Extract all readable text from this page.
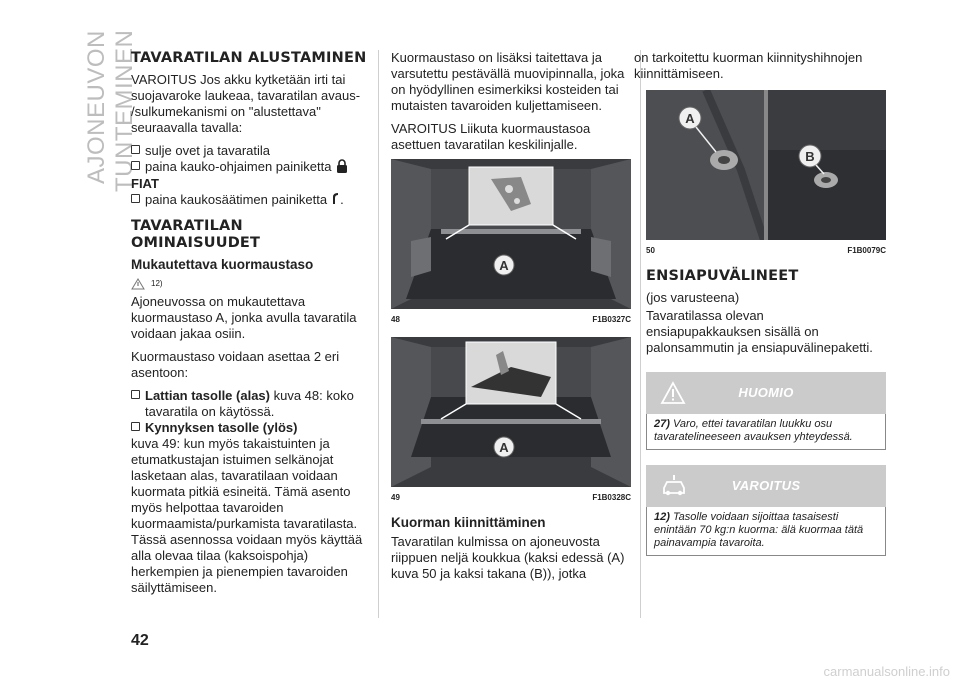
AJONEUVON TUNTEMINEN
TAVARATILAN ALUSTAMINEN

VAROITUS Jos akku kytketään irti tai suojavaroke laukeaa, tavaratilan avaus- /sulkumekanismi on "alustettava" seuraavalla tavalla:

sulje ovet ja tavaratila
paina kauko-ohjaimen painiketta
FIAT
paina kaukosäätimen painiketta .
TAVARATILAN OMINAISUUDET
Mukautettava kuormaustaso
12)

Ajoneuvossa on mukautettava kuormaustaso A, jonka avulla tavaratila voidaan jakaa osiin.

Kuormaustaso voidaan asettaa 2 eri asentoon:

Lattian tasolle (alas) kuva 48: koko tavaratila on käytössä.
Kynnyksen tasolle (ylös)

kuva 49: kun myös takaistuinten ja etumatkustajan istuimen selkänojat lasketaan alas, tavaratilaan voidaan kuormata pitkiä esineitä. Tämä asento myös helpottaa tavaroiden kuormaamista/purkamista tavaratilasta. Tässä asennossa voidaan myös käyttää alla olevaa tilaa (kaksoispohja) herkempien ja pienempien tavaroiden säilyttämiseen.

Kuormaustaso on lisäksi taitettava ja varsutettu pestävällä muovipinnalla, joka on hyödyllinen esimerkiksi kosteiden tai mutaisten tavaroiden kuljettamiseen.

VAROITUS Liikuta kuormaustasoa asettuen tavaratilan keskilinjalle.

A
48	F1B0327C
A
49	F1B0328C
Kuorman kiinnittäminen

Tavaratilan kulmissa on ajoneuvosta riippuen neljä koukkua (kaksi edessä (A) kuva 50 ja kaksi takana (B)), jotka

on tarkoitettu kuorman kiinnityshihnojen kiinnittämiseen.

A
B
50	F1B0079C
ENSIAPUVÄLINEET

(jos varusteena)

Tavaratilassa olevan ensiapupakkauksen sisällä on palonsammutin ja ensiapuvälinepaketti.

HUOMIO
27) Varo, ettei tavaratilan luukku osu tavaratelineeseen avauksen yhteydessä.
VAROITUS
12) Tasolle voidaan sijoittaa tasaisesti enintään 70 kg:n kuorma: älä kuormaa tätä painavampia tavaroita.
42
carmanualsonline.info
